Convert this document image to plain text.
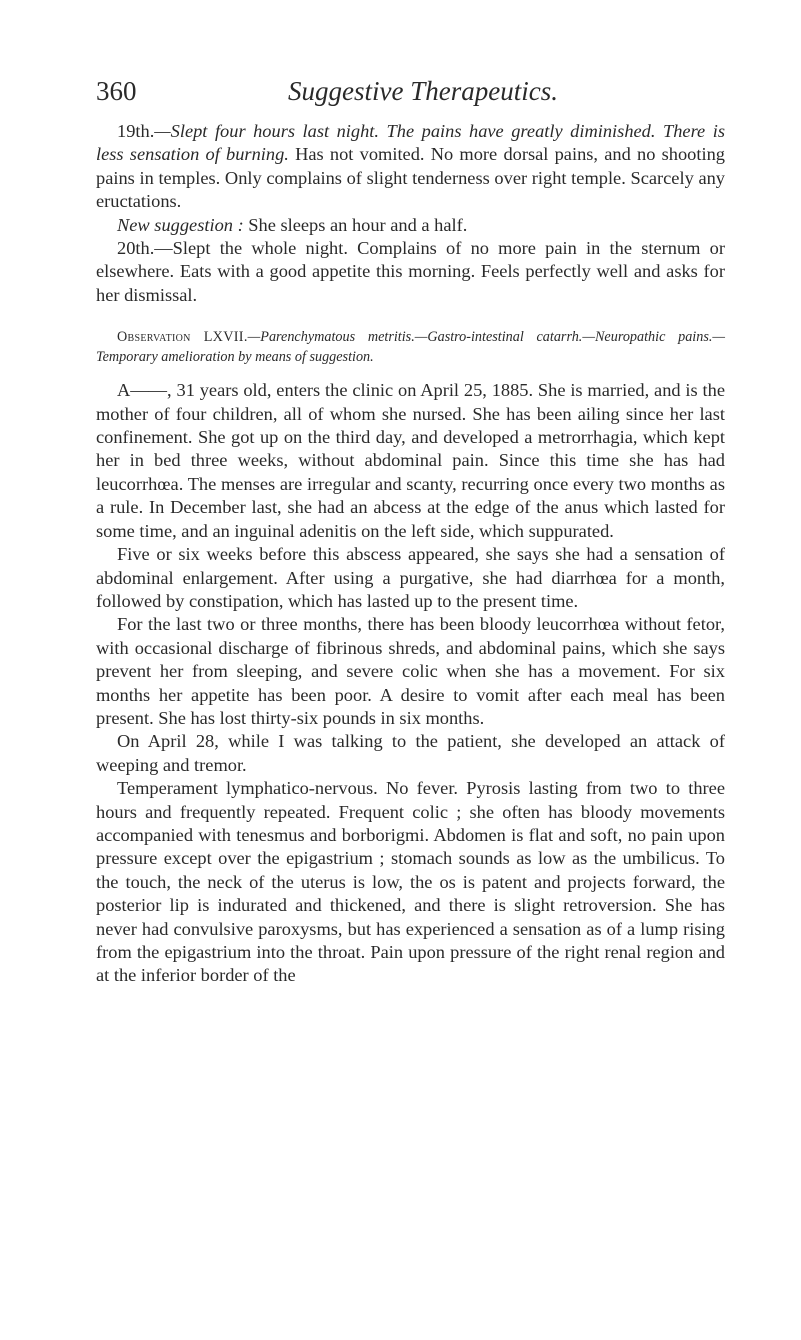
360	Suggestive Therapeutics.

19th.—Slept four hours last night. The pains have greatly diminished. There is less sensation of burning. Has not vomited. No more dorsal pains, and no shooting pains in temples. Only complains of slight tenderness over right temple. Scarcely any eructations.

New suggestion : She sleeps an hour and a half.

20th.—Slept the whole night. Complains of no more pain in the sternum or elsewhere. Eats with a good appetite this morning. Feels perfectly well and asks for her dismissal.

Observation LXVII.—Parenchymatous metritis.—Gastro-intestinal catarrh.—Neuropathic pains.—Temporary amelioration by means of suggestion.

A——, 31 years old, enters the clinic on April 25, 1885. She is married, and is the mother of four children, all of whom she nursed. She has been ailing since her last confinement. She got up on the third day, and developed a metrorrhagia, which kept her in bed three weeks, without abdominal pain. Since this time she has had leucorrhœa. The menses are irregular and scanty, recurring once every two months as a rule. In December last, she had an abcess at the edge of the anus which lasted for some time, and an inguinal adenitis on the left side, which suppurated.

Five or six weeks before this abscess appeared, she says she had a sensation of abdominal enlargement. After using a purgative, she had diarrhœa for a month, followed by constipation, which has lasted up to the present time.

For the last two or three months, there has been bloody leucorrhœa without fetor, with occasional discharge of fibrinous shreds, and abdominal pains, which she says prevent her from sleeping, and severe colic when she has a movement. For six months her appetite has been poor. A desire to vomit after each meal has been present. She has lost thirty-six pounds in six months.

On April 28, while I was talking to the patient, she developed an attack of weeping and tremor.

Temperament lymphatico-nervous. No fever. Pyrosis lasting from two to three hours and frequently repeated. Frequent colic ; she often has bloody movements accompanied with tenesmus and borborigmi. Abdomen is flat and soft, no pain upon pressure except over the epigastrium ; stomach sounds as low as the umbilicus. To the touch, the neck of the uterus is low, the os is patent and projects forward, the posterior lip is indurated and thickened, and there is slight retroversion. She has never had convulsive paroxysms, but has experienced a sensation as of a lump rising from the epigastrium into the throat. Pain upon pressure of the right renal region and at the inferior border of the
